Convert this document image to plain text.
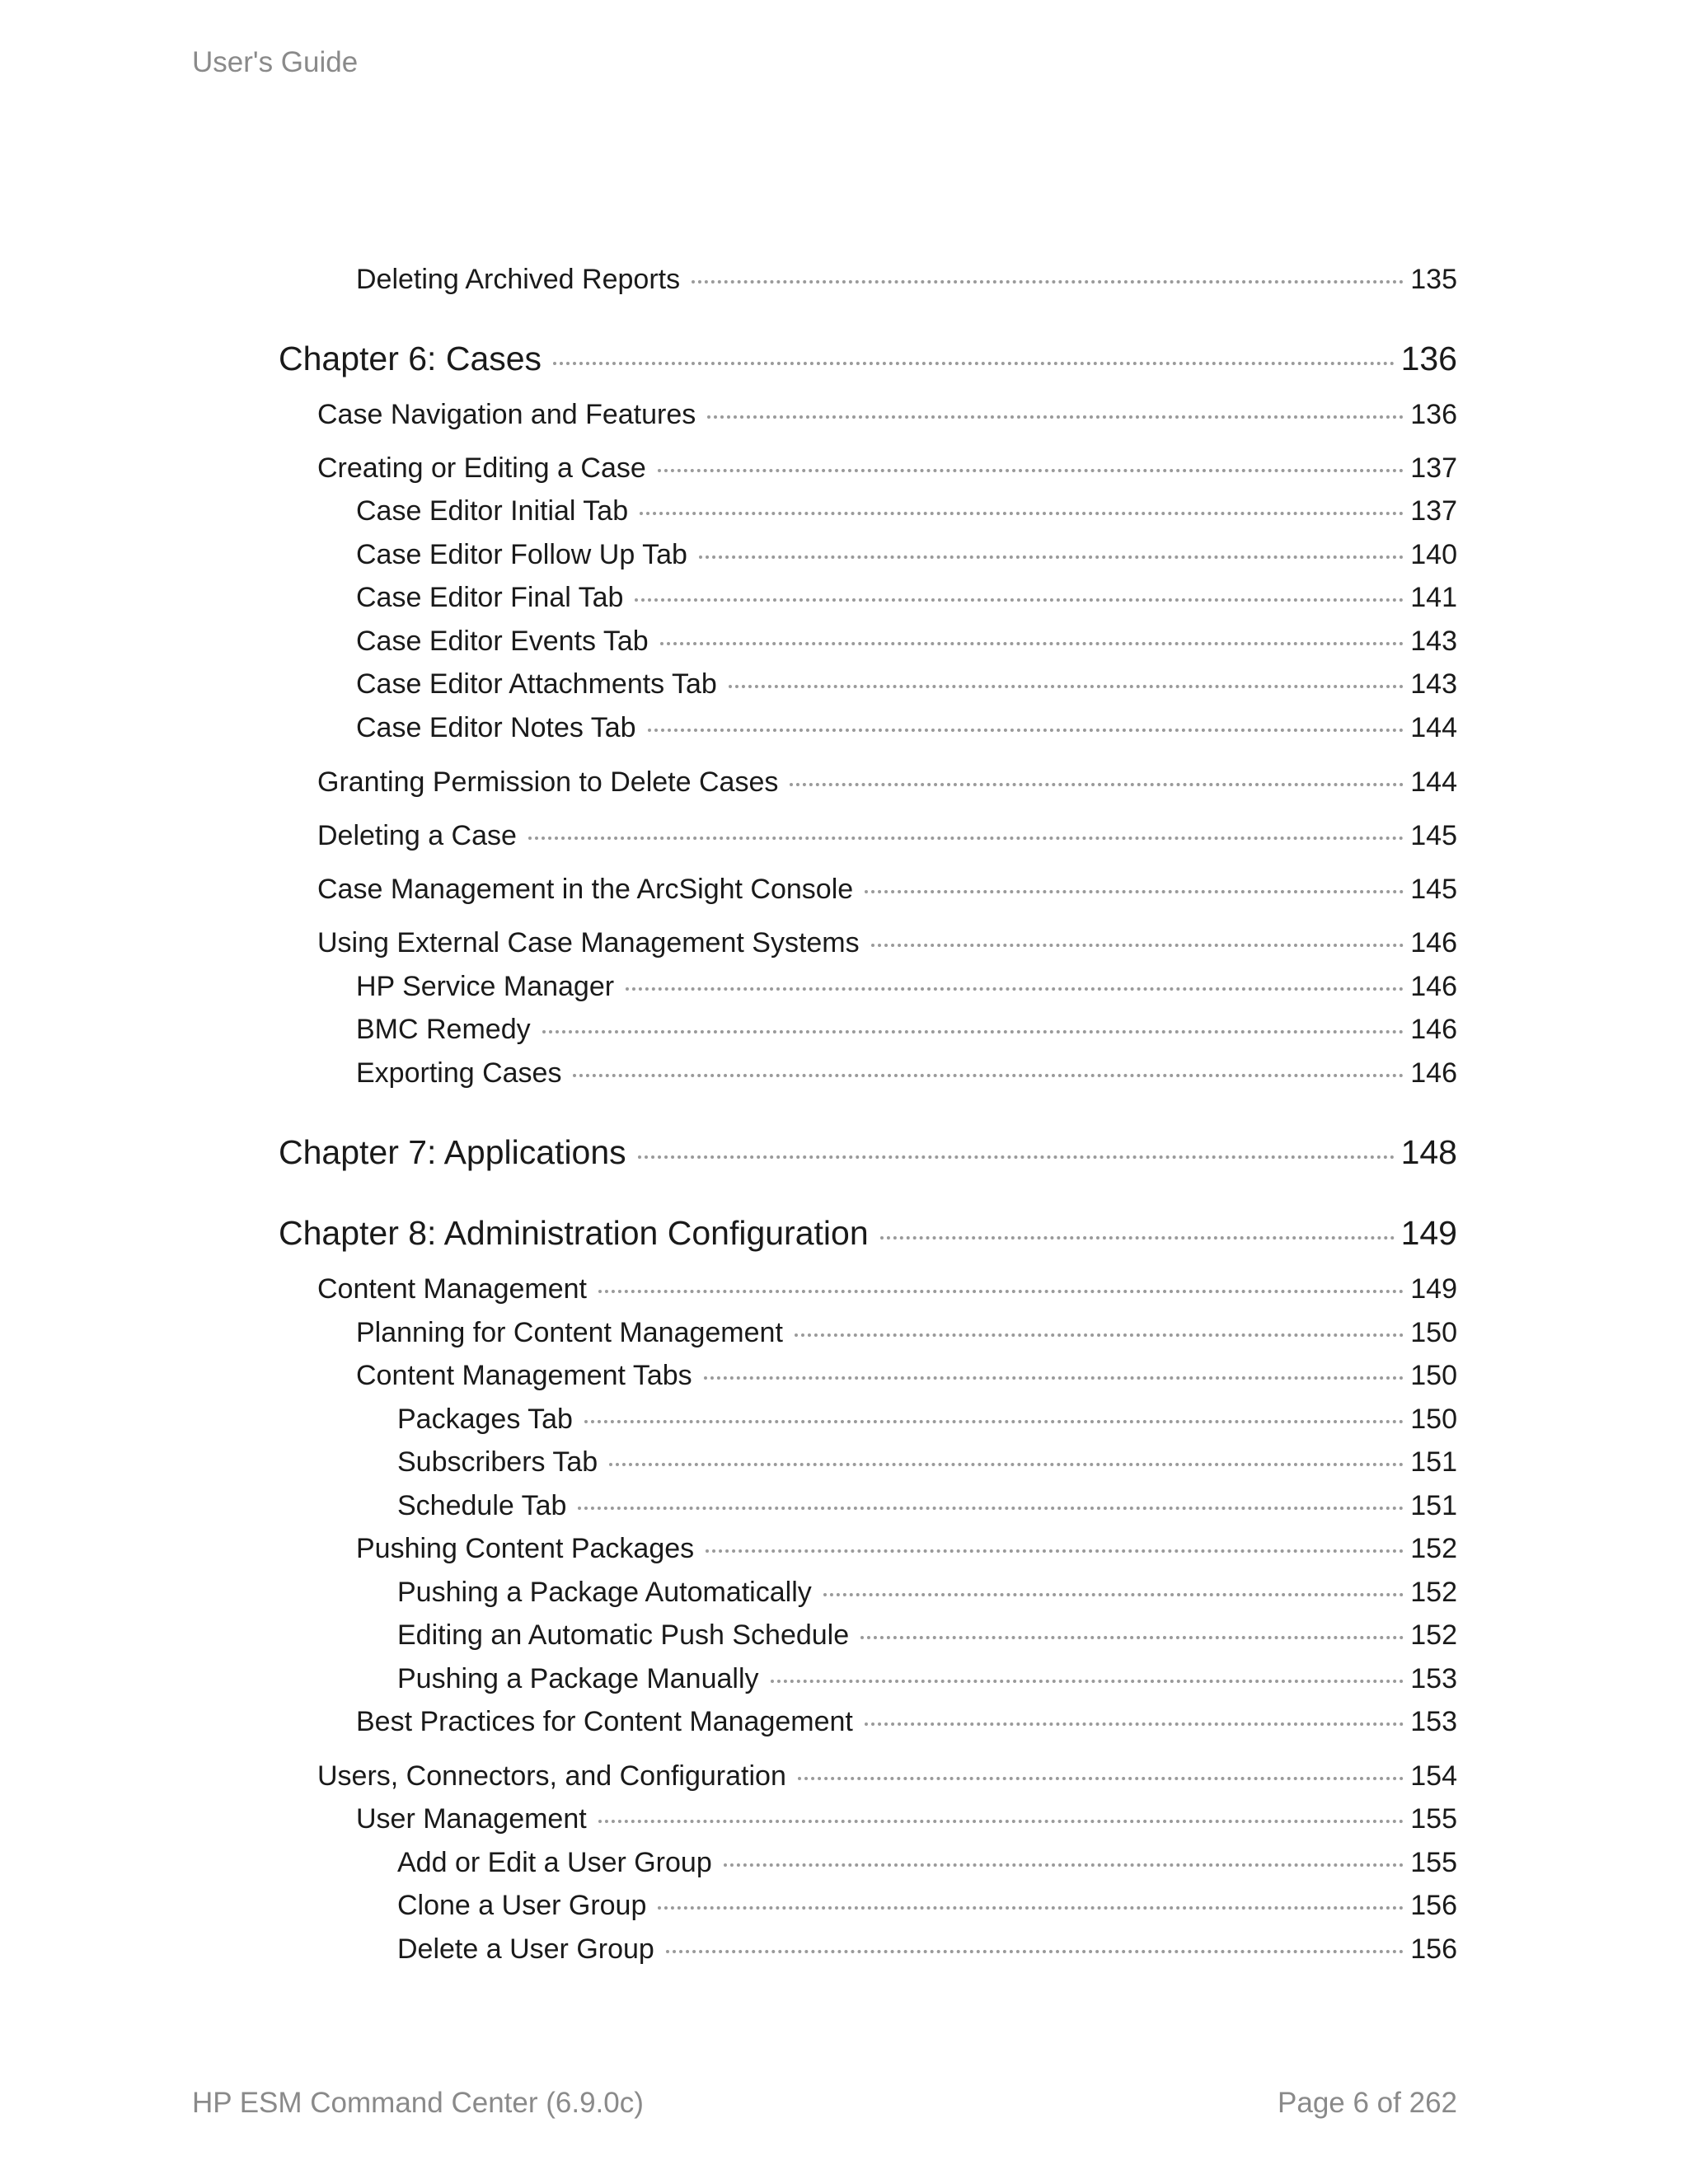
User's Guide
Deleting Archived Reports	135
Chapter 6: Cases	136
Case Navigation and Features	136
Creating or Editing a Case	137
Case Editor Initial Tab	137
Case Editor Follow Up Tab	140
Case Editor Final Tab	141
Case Editor Events Tab	143
Case Editor Attachments Tab	143
Case Editor Notes Tab	144
Granting Permission to Delete Cases	144
Deleting a Case	145
Case Management in the ArcSight Console	145
Using External Case Management Systems	146
HP Service Manager	146
BMC Remedy	146
Exporting Cases	146
Chapter 7: Applications	148
Chapter 8: Administration Configuration	149
Content Management	149
Planning for Content Management	150
Content Management Tabs	150
Packages Tab	150
Subscribers Tab	151
Schedule Tab	151
Pushing Content Packages	152
Pushing a Package Automatically	152
Editing an Automatic Push Schedule	152
Pushing a Package Manually	153
Best Practices for Content Management	153
Users, Connectors, and Configuration	154
User Management	155
Add or Edit a User Group	155
Clone a User Group	156
Delete a User Group	156
HP ESM Command Center (6.9.0c)	Page 6 of 262
